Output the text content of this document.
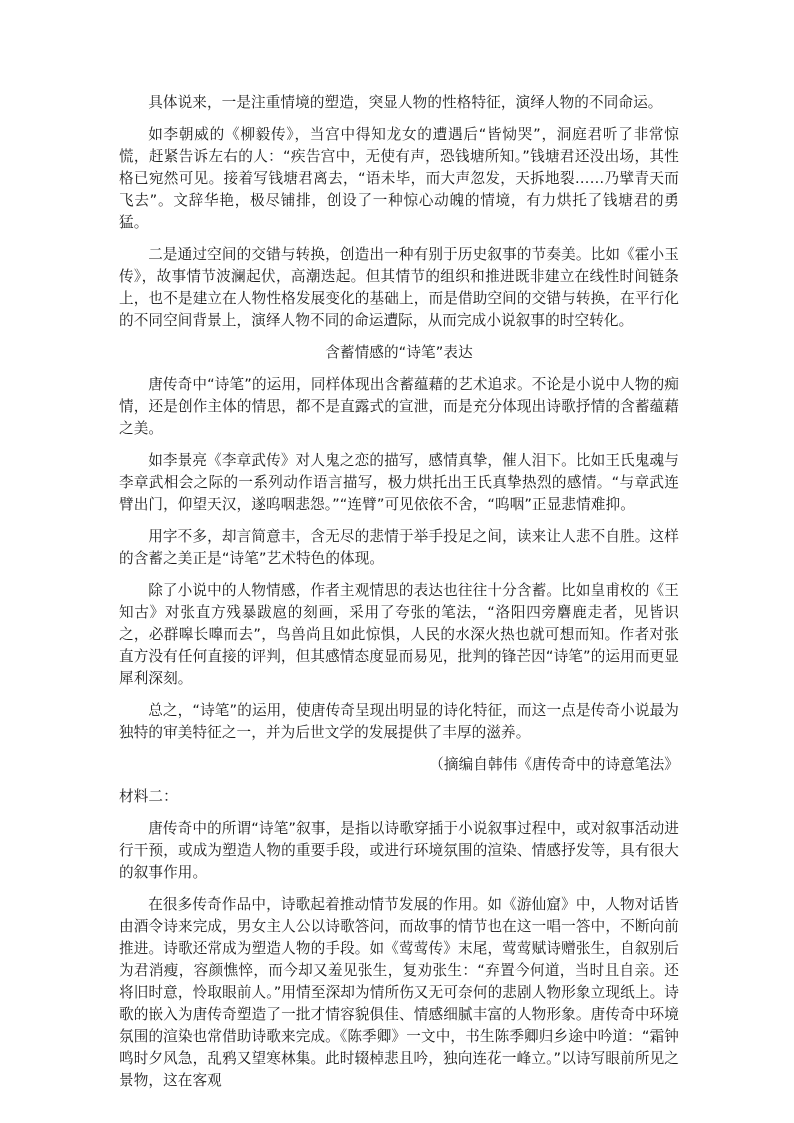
具体说来，一是注重情境的塑造，突显人物的性格特征，演绎人物的不同命运。

如李朝威的《柳毅传》，当宫中得知龙女的遭遇后“皆恸哭”，洞庭君听了非常惊慌，赶紧告诉左右的人：“疾告宫中，无使有声，恐钱塘所知。”钱塘君还没出场，其性格已宛然可见。接着写钱塘君离去，“语未毕，而大声忽发，天拆地裂……乃擘青天而飞去”。文辞华艳，极尽铺排，创设了一种惊心动魄的情境，有力烘托了钱塘君的勇猛。

二是通过空间的交错与转换，创造出一种有别于历史叙事的节奏美。比如《霍小玉传》，故事情节波澜起伏，高潮迭起。但其情节的组织和推进既非建立在线性时间链条上，也不是建立在人物性格发展变化的基础上，而是借助空间的交错与转换，在平行化的不同空间背景上，演绎人物不同的命运遭际，从而完成小说叙事的时空转化。

含蓄情感的“诗笔”表达

唐传奇中“诗笔”的运用，同样体现出含蓄蕴藉的艺术追求。不论是小说中人物的痴情，还是创作主体的情思，都不是直露式的宣泄，而是充分体现出诗歌抒情的含蓄蕴藉之美。

如李景亮《李章武传》对人鬼之恋的描写，感情真挚，催人泪下。比如王氏鬼魂与李章武相会之际的一系列动作语言描写，极力烘托出王氏真挚热烈的感情。“与章武连臂出门，仰望天汉，遂呜咽悲怨。”“连臂”可见依依不舍，“呜咽”正显悲情难抑。

用字不多，却言简意丰，含无尽的悲情于举手投足之间，读来让人悲不自胜。这样的含蓄之美正是“诗笔”艺术特色的体现。

除了小说中的人物情感，作者主观情思的表达也往往十分含蓄。比如皇甫枚的《王知古》对张直方残暴跋扈的刻画，采用了夸张的笔法，“洛阳四旁麏鹿走者，见皆识之，必群嗥长嘷而去”，鸟兽尚且如此惊惧，人民的水深火热也就可想而知。作者对张直方没有任何直接的评判，但其感情态度显而易见，批判的锋芒因“诗笔”的运用而更显犀利深刻。

总之，“诗笔”的运用，使唐传奇呈现出明显的诗化特征，而这一点是传奇小说最为独特的审美特征之一，并为后世文学的发展提供了丰厚的滋养。

（摘编自韩伟《唐传奇中的诗意笔法》

材料二：

唐传奇中的所谓“诗笔”叙事，是指以诗歌穿插于小说叙事过程中，或对叙事活动进行干预，或成为塑造人物的重要手段，或进行环境氛围的渲染、情感抒发等，具有很大的叙事作用。

在很多传奇作品中，诗歌起着推动情节发展的作用。如《游仙窟》中，人物对话皆由酒令诗来完成，男女主人公以诗歌答问，而故事的情节也在这一唱一答中，不断向前推进。诗歌还常成为塑造人物的手段。如《莺莺传》末尾，莺莺赋诗赠张生，自叙别后为君消瘦，容颜憔悴，而今却又羞见张生，复劝张生：“弃置今何道，当时且自亲。还将旧时意，怜取眼前人。”用情至深却为情所伤又无可奈何的悲剧人物形象立现纸上。诗歌的嵌入为唐传奇塑造了一批才情容貌俱佳、情感细腻丰富的人物形象。唐传奇中环境氛围的渲染也常借助诗歌来完成。《陈季卿》一文中，书生陈季卿归乡途中吟道：“霜钟鸣时夕风急，乱鸦又望寒林集。此时辍棹悲且吟，独向连花一峰立。”以诗写眼前所见之景物，这在客观
